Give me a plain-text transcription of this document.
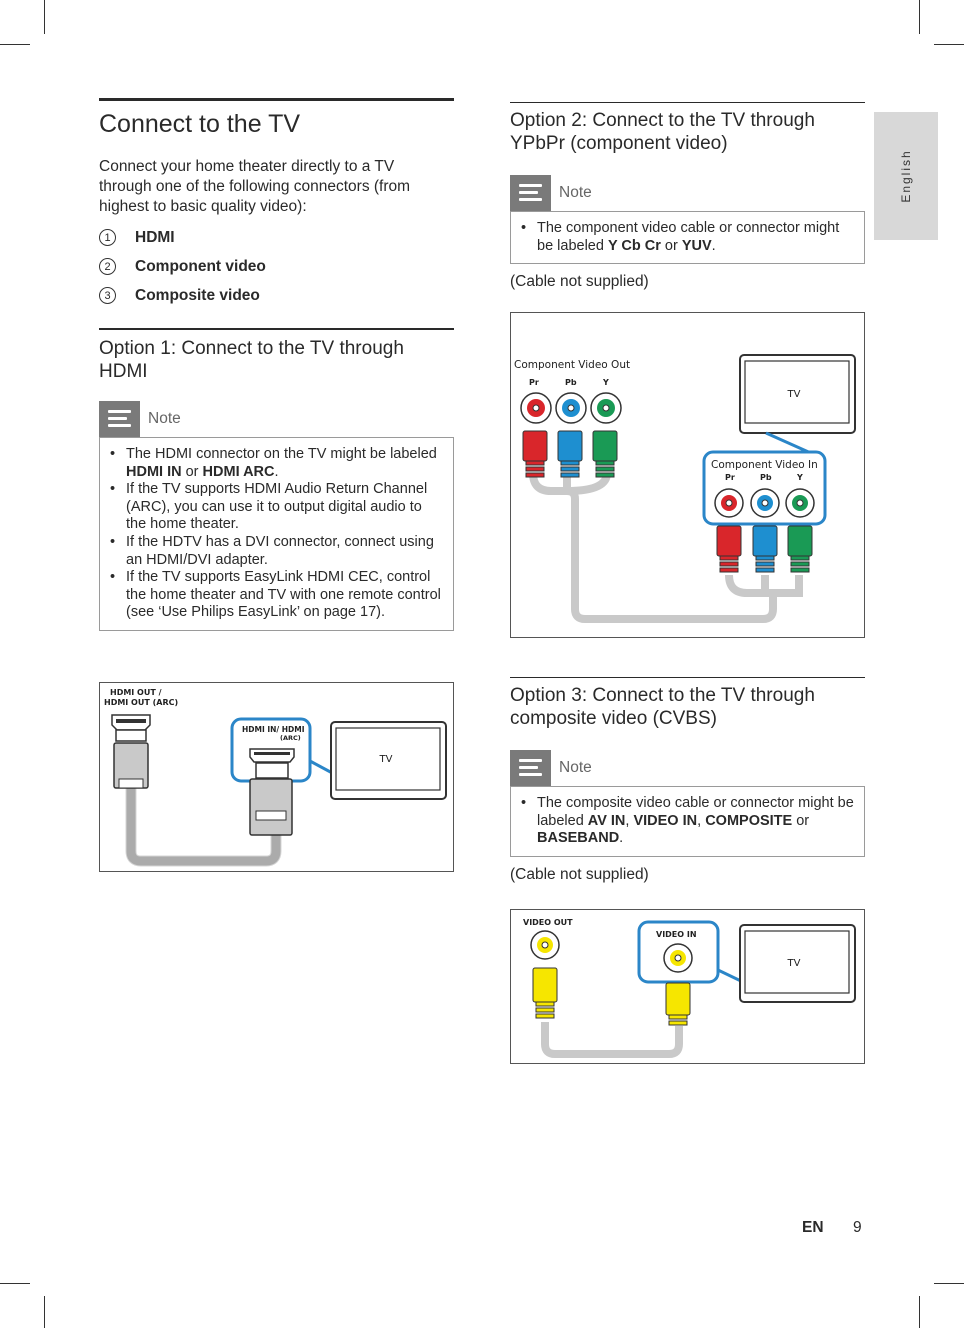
English
Connect to the TV
Connect your home theater directly to a TV through one of the following connectors (from highest to basic quality video):
1	HDMI
2	Component video
3	Composite video
Option 1: Connect to the TV through HDMI
Note
• The HDMI connector on the TV might be labeled HDMI IN or HDMI ARC.
• If the TV supports HDMI Audio Return Channel (ARC), you can use it to output digital audio to the home theater.
• If the HDTV has a DVI connector, connect using an HDMI/DVI adapter.
• If the TV supports EasyLink HDMI CEC, control the home theater and TV with one remote control (see ‘Use Philips EasyLink’ on page 17).
HDMI OUT /
HDMI OUT (ARC)
HDMI IN/ HDMI
(ARC)
TV
Option 2: Connect to the TV through YPbPr (component video)
Note
• The component video cable or connector might be labeled Y Cb Cr or YUV.
(Cable not supplied)
Component Video Out
Pr	Pb	Y
TV
Component Video In
Pr	Pb	Y
Option 3: Connect to the TV through composite video (CVBS)
Note
• The composite video cable or connector might be labeled AV IN, VIDEO IN, COMPOSITE or BASEBAND.
(Cable not supplied)
VIDEO OUT
VIDEO IN
TV
EN 9
